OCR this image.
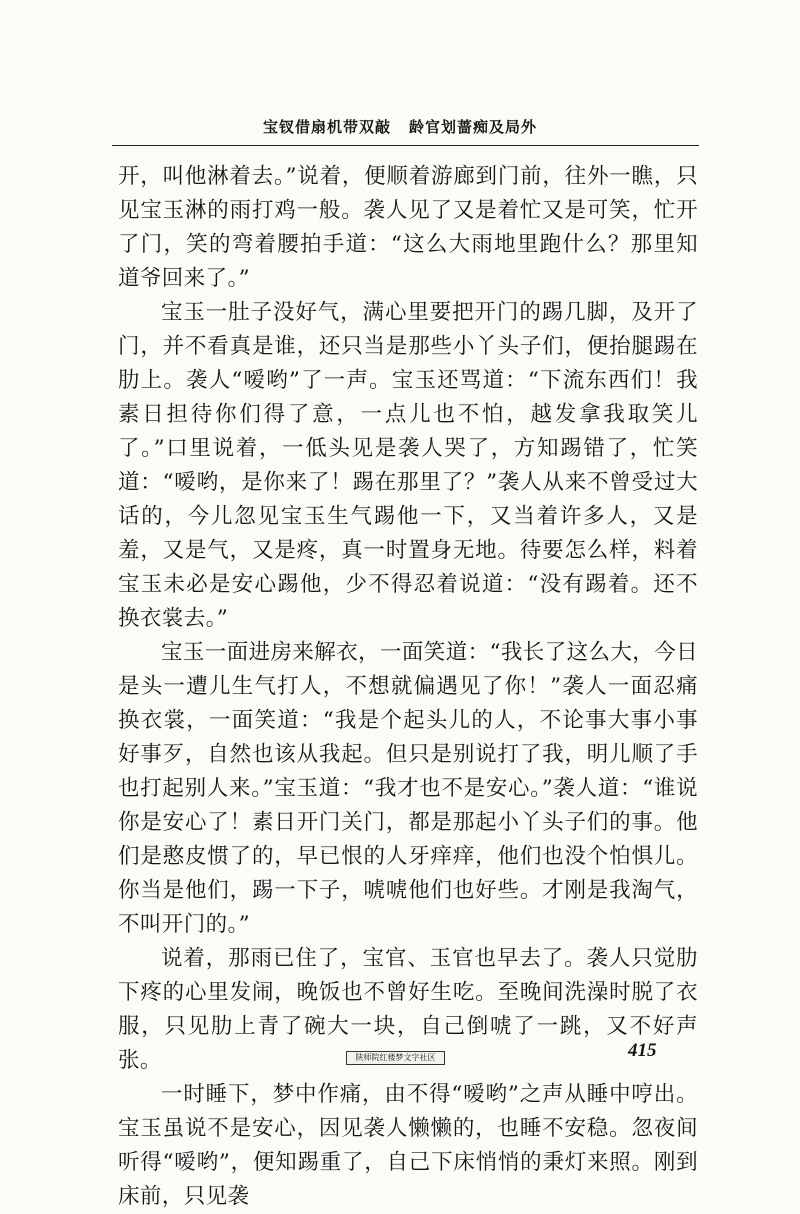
宝钗借扇机带双敲 龄官划蔷痴及局外

开，叫他淋着去。”说着，便顺着游廊到门前，往外一瞧，只见宝玉淋的雨打鸡一般。袭人见了又是着忙又是可笑，忙开了门，笑的弯着腰拍手道：“这么大雨地里跑什么？那里知道爷回来了。”

宝玉一肚子没好气，满心里要把开门的踢几脚，及开了门，并不看真是谁，还只当是那些小丫头子们，便抬腿踢在肋上。袭人“嗳哟”了一声。宝玉还骂道：“下流东西们！我素日担待你们得了意，一点儿也不怕，越发拿我取笑儿了。”口里说着，一低头见是袭人哭了，方知踢错了，忙笑道：“嗳哟，是你来了！踢在那里了？”袭人从来不曾受过大话的，今儿忽见宝玉生气踢他一下，又当着许多人，又是羞，又是气，又是疼，真一时置身无地。待要怎么样，料着宝玉未必是安心踢他，少不得忍着说道：“没有踢着。还不换衣裳去。”

宝玉一面进房来解衣，一面笑道：“我长了这么大，今日是头一遭儿生气打人，不想就偏遇见了你！”袭人一面忍痛换衣裳，一面笑道：“我是个起头儿的人，不论事大事小事好事歹，自然也该从我起。但只是别说打了我，明儿顺了手也打起别人来。”宝玉道：“我才也不是安心。”袭人道：“谁说你是安心了！素日开门关门，都是那起小丫头子们的事。他们是憨皮惯了的，早已恨的人牙痒痒，他们也没个怕惧儿。你当是他们，踢一下子，唬唬他们也好些。才刚是我淘气，不叫开门的。”

说着，那雨已住了，宝官、玉官也早去了。袭人只觉肋下疼的心里发闹，晚饭也不曾好生吃。至晚间洗澡时脱了衣服，只见肋上青了碗大一块，自己倒唬了一跳，又不好声张。

一时睡下，梦中作痛，由不得“嗳哟”之声从睡中哼出。宝玉虽说不是安心，因见袭人懒懒的，也睡不安稳。忽夜间听得“嗳哟”，便知踢重了，自己下床悄悄的秉灯来照。刚到床前，只见袭

陕师院红楼梦文字社区	415
